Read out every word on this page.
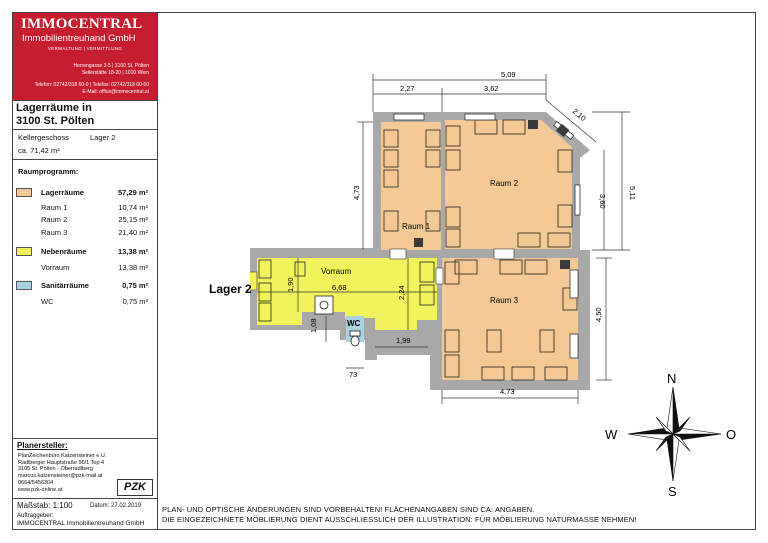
IMMOCENTRAL
Immobilientreuhand GmbH
VERWALTUNG | VERMITTLUNG
Herrengasse 3-5 | 3100 St. Pölten
Seilerstätte 18-20 | 1010 Wien
Telefon: 02742/318 60-0 | Telefax: 02742/318 60-50
E-Mail: office@immocentral.at
Lagerräume in
3100 St. Pölten
Kellergeschoss	Lager 2
ca. 71,42 m²
Raumprogramm:
Lagerräume	57,29 m²
Raum 1	10,74 m²
Raum 2	25,15 m²
Raum 3	21,40 m²
Nebenräume	13,38 m²
Vorraum	13,38 m²
Sanitärräume	0,75 m²
WC	0,75 m²
Planersteller:
PlanZeichenbüro Katzensteiner e.U.
Radlberger Hauptstraße 96/1 Top 4
3105 St. Pölten - Oberradlberg
marcus.katzensteiner@pzk-mail.at
0664/5456304
www.pzk-online.at	PZK
Maßstab: 1:100	Datum: 27.02.2019
Auftraggeber:
IMMOCENTRAL Immobilientreuhand GmbH
PLAN- UND OPTISCHE ÄNDERUNGEN SIND VORBEHALTEN! FLÄCHENANGABEN SIND CA: ANGABEN.
DIE EINGEZEICHNETE MÖBLIERUNG DIENT AUSSCHLIESSLICH DER ILLUSTRATION: FÜR MÖBLIERUNG NATURMASSE NEHMEN!
Raum 1
Raum 2
Raum 3
Vorraum
WC
Lager 2
5,09
2,27	3,62
2,10
4,73	5,11
3,60
4,50
4,73
1,90	6,68	2,24
1,08
1,99
73	N
S
W	O
